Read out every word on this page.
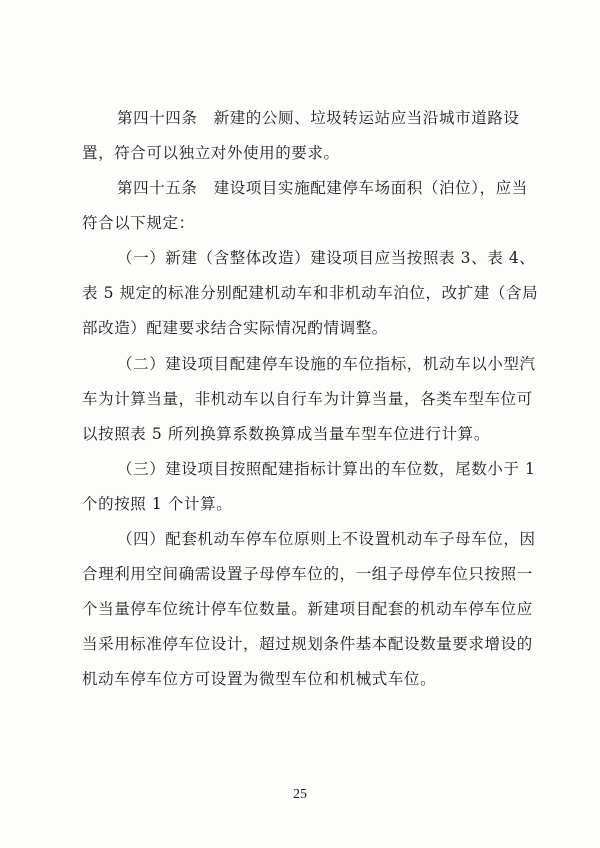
第四十四条　新建的公厕、垃圾转运站应当沿城市道路设
置，符合可以独立对外使用的要求。
第四十五条　建设项目实施配建停车场面积（泊位），应当
符合以下规定：
（一）新建（含整体改造）建设项目应当按照表 3、表 4、
表 5 规定的标准分别配建机动车和非机动车泊位，改扩建（含局
部改造）配建要求结合实际情况酌情调整。
（二）建设项目配建停车设施的车位指标，机动车以小型汽
车为计算当量，非机动车以自行车为计算当量，各类车型车位可
以按照表 5 所列换算系数换算成当量车型车位进行计算。
（三）建设项目按照配建指标计算出的车位数，尾数小于 1
个的按照 1 个计算。
（四）配套机动车停车位原则上不设置机动车子母车位，因
合理利用空间确需设置子母停车位的，一组子母停车位只按照一
个当量停车位统计停车位数量。新建项目配套的机动车停车位应
当采用标准停车位设计，超过规划条件基本配设数量要求增设的
机动车停车位方可设置为微型车位和机械式车位。
25
